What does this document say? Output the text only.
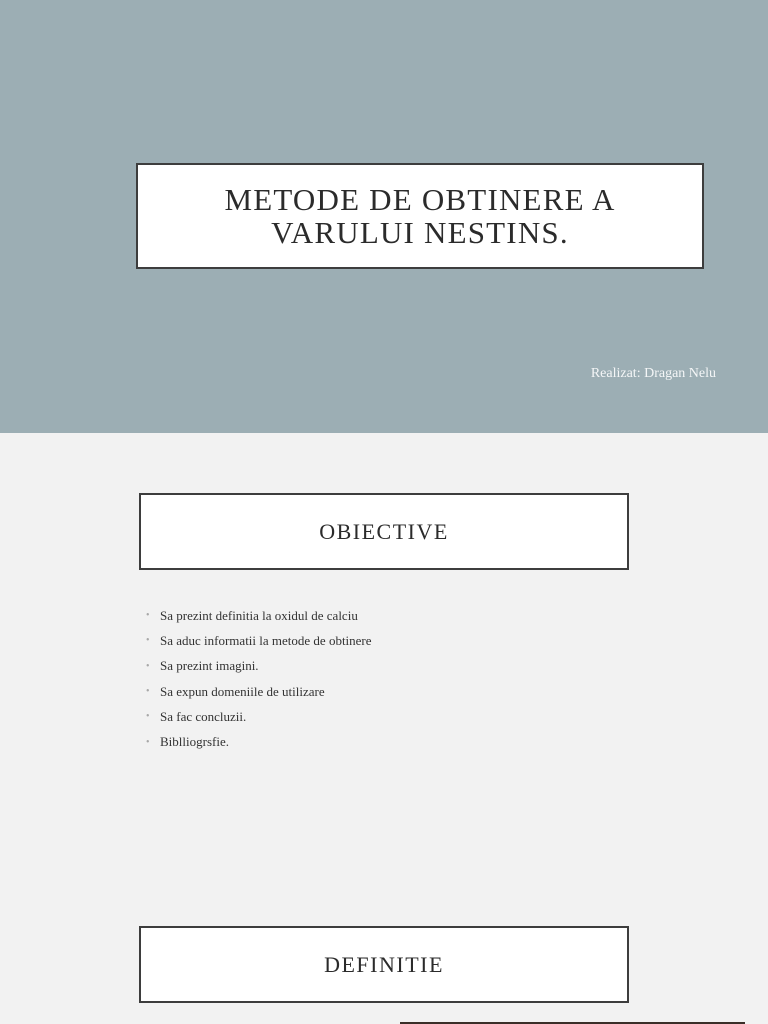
METODE DE OBTINERE A
VARULUI NESTINS.
Realizat: Dragan Nelu
OBIECTIVE
• Sa prezint definitia la oxidul de calciu
• Sa aduc informatii la metode de obtinere
• Sa prezint imagini.
• Sa expun domeniile de utilizare
• Sa fac concluzii.
• Biblliogrsfie.
DEFINITIE
